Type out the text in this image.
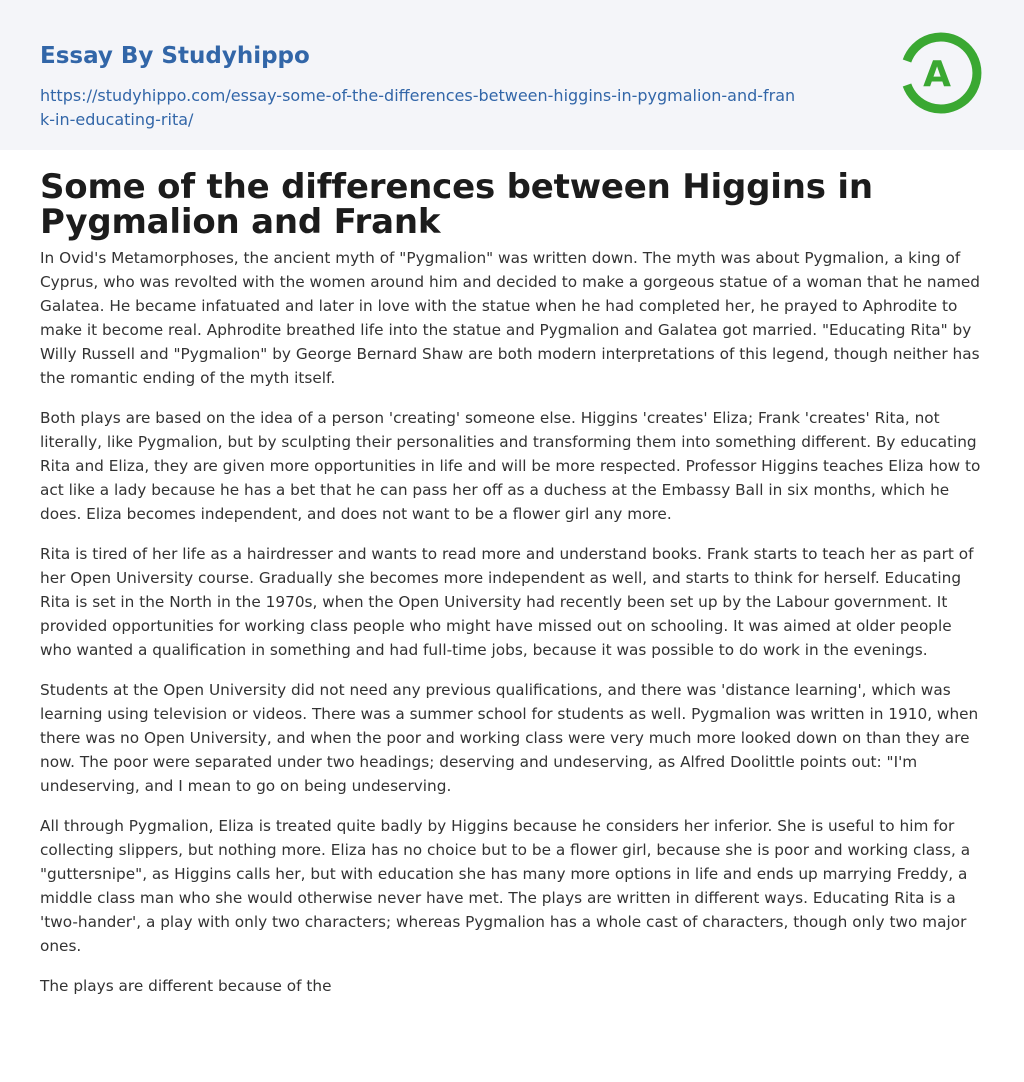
Essay By Studyhippo
https://studyhippo.com/essay-some-of-the-differences-between-higgins-in-pygmalion-and-frank-in-educating-rita/
A
Some of the differences between Higgins in Pygmalion and Frank

In Ovid's Metamorphoses, the ancient myth of "Pygmalion" was written down. The myth was about Pygmalion, a king of Cyprus, who was revolted with the women around him and decided to make a gorgeous statue of a woman that he named Galatea. He became infatuated and later in love with the statue when he had completed her, he prayed to Aphrodite to make it become real. Aphrodite breathed life into the statue and Pygmalion and Galatea got married. "Educating Rita" by Willy Russell and "Pygmalion" by George Bernard Shaw are both modern interpretations of this legend, though neither has the romantic ending of the myth itself.

Both plays are based on the idea of a person 'creating' someone else. Higgins 'creates' Eliza; Frank 'creates' Rita, not literally, like Pygmalion, but by sculpting their personalities and transforming them into something different. By educating Rita and Eliza, they are given more opportunities in life and will be more respected. Professor Higgins teaches Eliza how to act like a lady because he has a bet that he can pass her off as a duchess at the Embassy Ball in six months, which he does. Eliza becomes independent, and does not want to be a flower girl any more.

Rita is tired of her life as a hairdresser and wants to read more and understand books. Frank starts to teach her as part of her Open University course. Gradually she becomes more independent as well, and starts to think for herself. Educating Rita is set in the North in the 1970s, when the Open University had recently been set up by the Labour government. It provided opportunities for working class people who might have missed out on schooling. It was aimed at older people who wanted a qualification in something and had full-time jobs, because it was possible to do work in the evenings.

Students at the Open University did not need any previous qualifications, and there was 'distance learning', which was learning using television or videos. There was a summer school for students as well. Pygmalion was written in 1910, when there was no Open University, and when the poor and working class were very much more looked down on than they are now. The poor were separated under two headings; deserving and undeserving, as Alfred Doolittle points out: "I'm undeserving, and I mean to go on being undeserving.

All through Pygmalion, Eliza is treated quite badly by Higgins because he considers her inferior. She is useful to him for collecting slippers, but nothing more. Eliza has no choice but to be a flower girl, because she is poor and working class, a "guttersnipe", as Higgins calls her, but with education she has many more options in life and ends up marrying Freddy, a middle class man who she would otherwise never have met. The plays are written in different ways. Educating Rita is a 'two-hander', a play with only two characters; whereas Pygmalion has a whole cast of characters, though only two major ones.

The plays are different because of the
